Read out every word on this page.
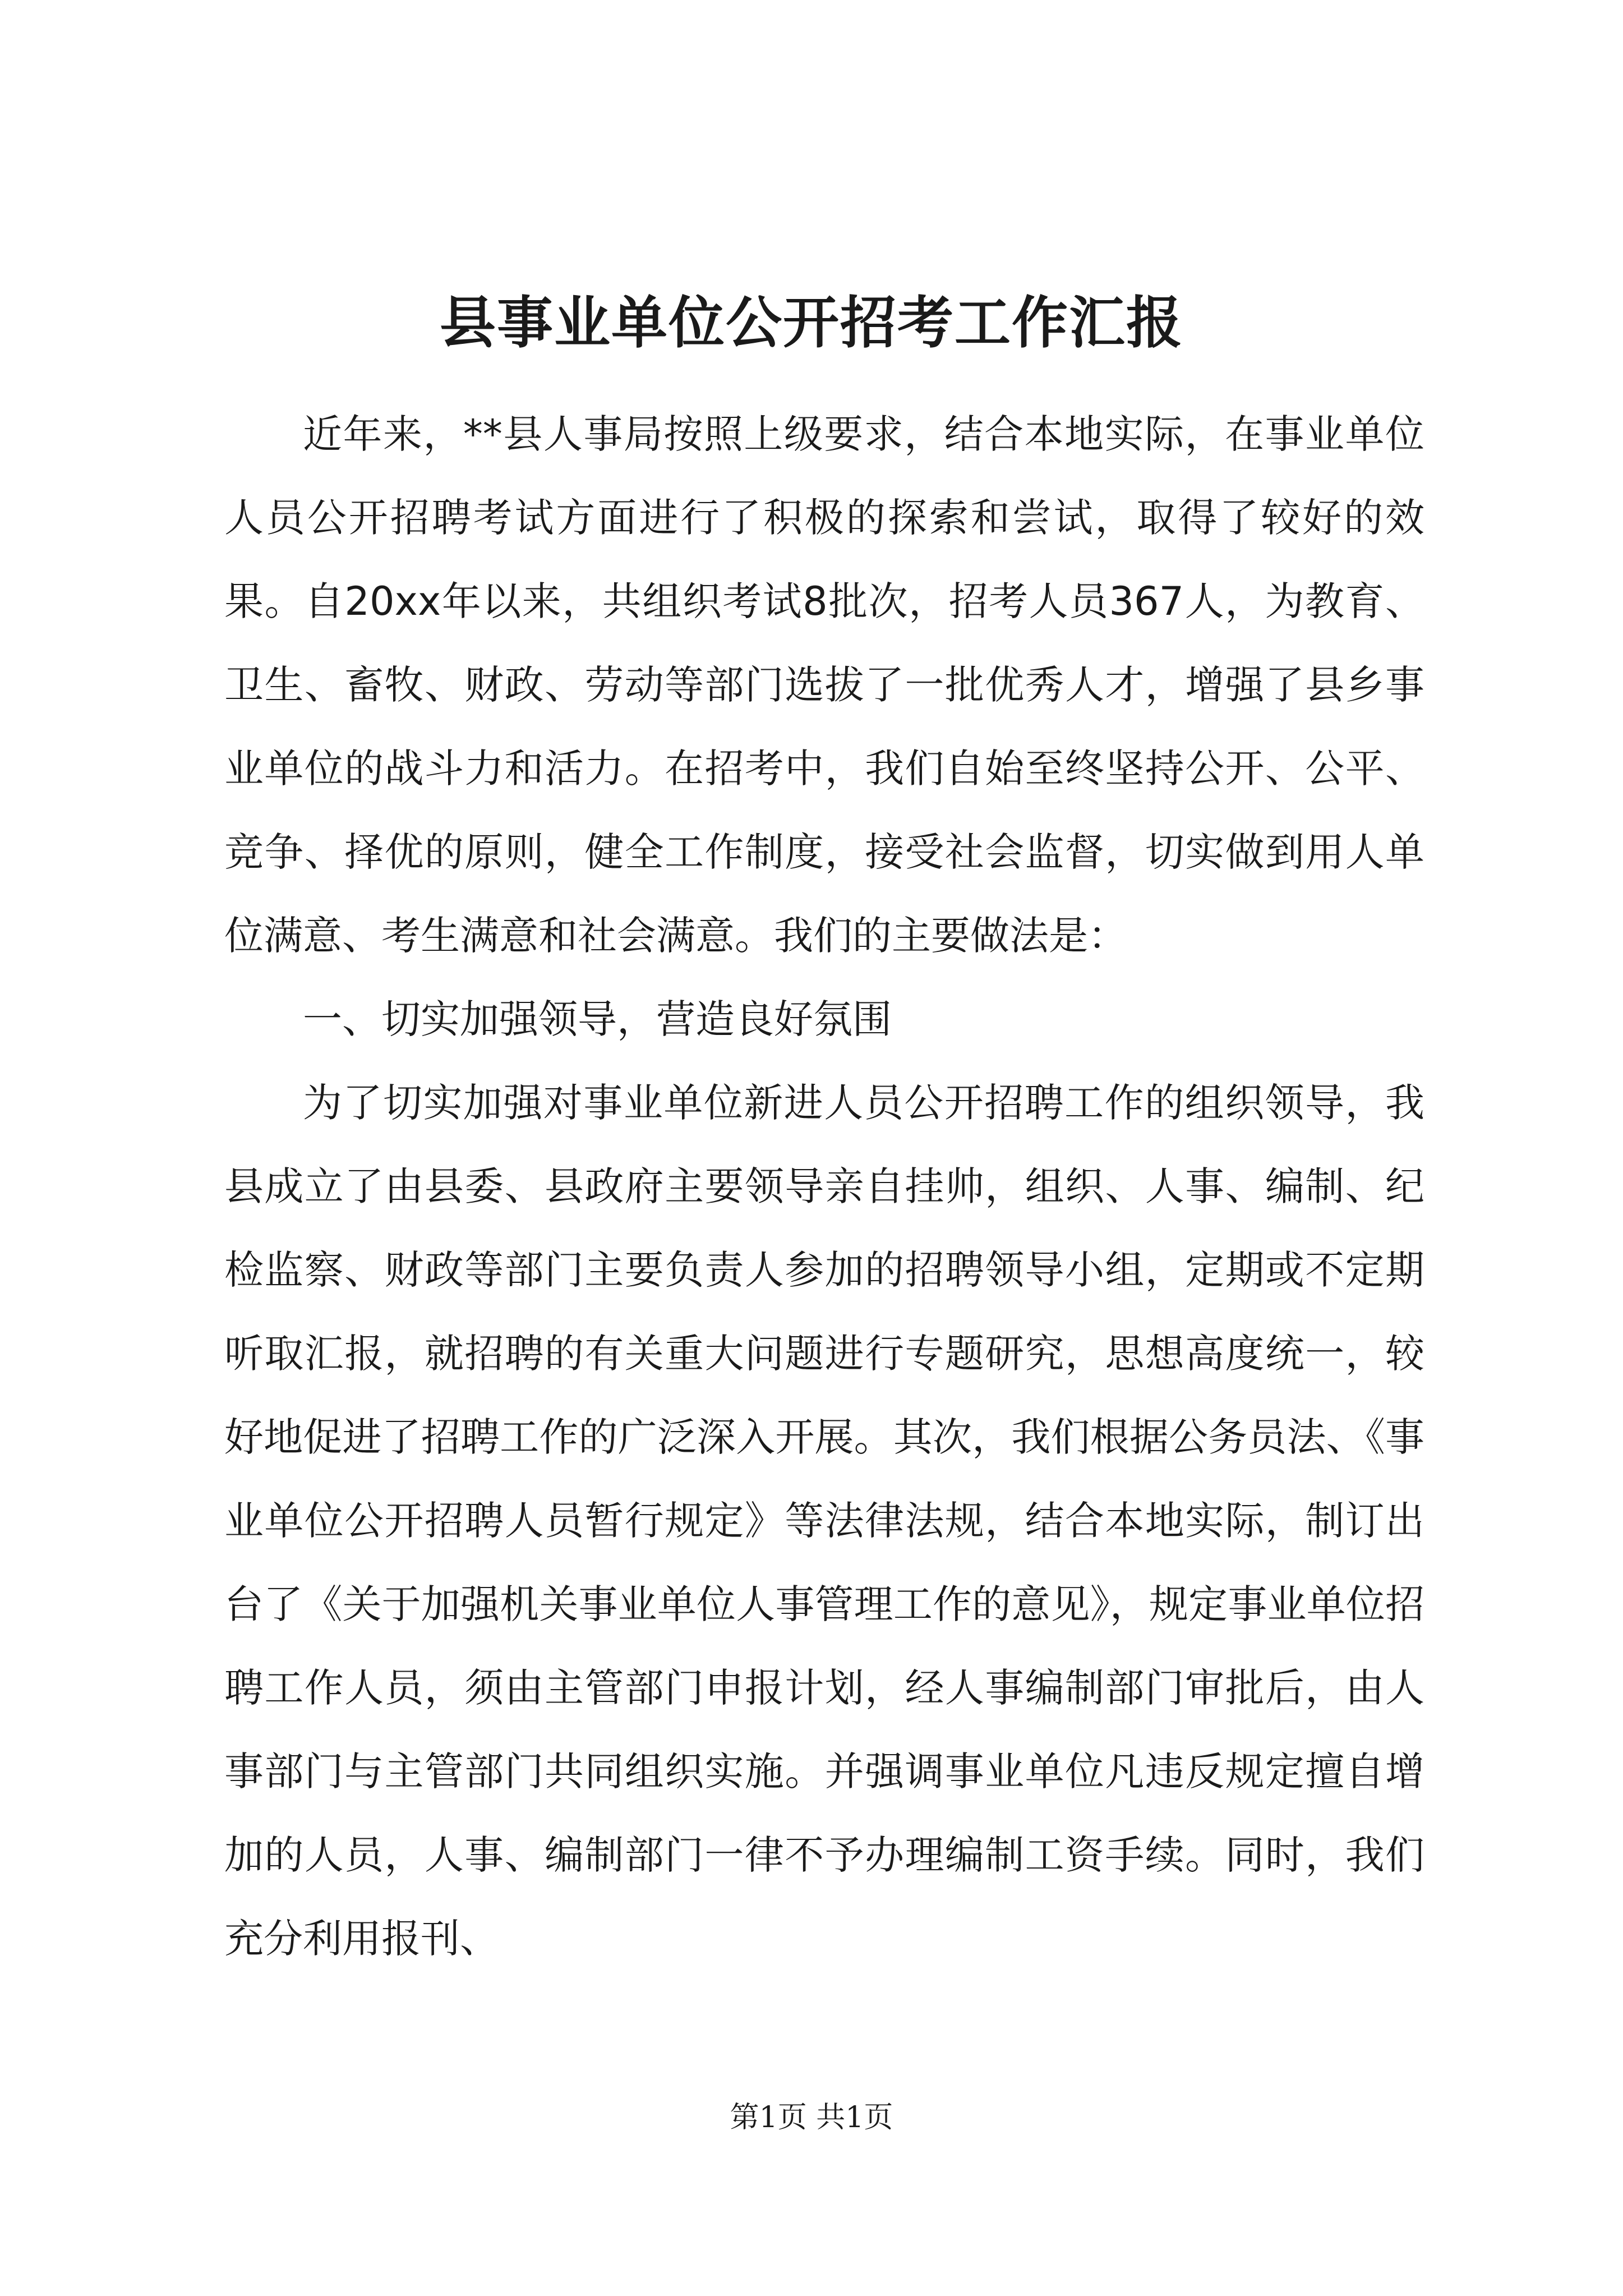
县事业单位公开招考工作汇报

近年来，**县人事局按照上级要求，结合本地实际，在事业单位人员公开招聘考试方面进行了积极的探索和尝试，取得了较好的效果。自20xx年以来，共组织考试8批次，招考人员367人，为教育、卫生、畜牧、财政、劳动等部门选拔了一批优秀人才，增强了县乡事业单位的战斗力和活力。在招考中，我们自始至终坚持公开、公平、竞争、择优的原则，健全工作制度，接受社会监督，切实做到用人单位满意、考生满意和社会满意。我们的主要做法是：

一、切实加强领导，营造良好氛围

为了切实加强对事业单位新进人员公开招聘工作的组织领导，我县成立了由县委、县政府主要领导亲自挂帅，组织、人事、编制、纪检监察、财政等部门主要负责人参加的招聘领导小组，定期或不定期听取汇报，就招聘的有关重大问题进行专题研究，思想高度统一，较好地促进了招聘工作的广泛深入开展。其次，我们根据公务员法、《事业单位公开招聘人员暂行规定》等法律法规，结合本地实际，制订出台了《关于加强机关事业单位人事管理工作的意见》，规定事业单位招聘工作人员，须由主管部门申报计划，经人事编制部门审批后，由人事部门与主管部门共同组织实施。并强调事业单位凡违反规定擅自增加的人员，人事、编制部门一律不予办理编制工资手续。同时，我们充分利用报刊、

第1页 共1页
